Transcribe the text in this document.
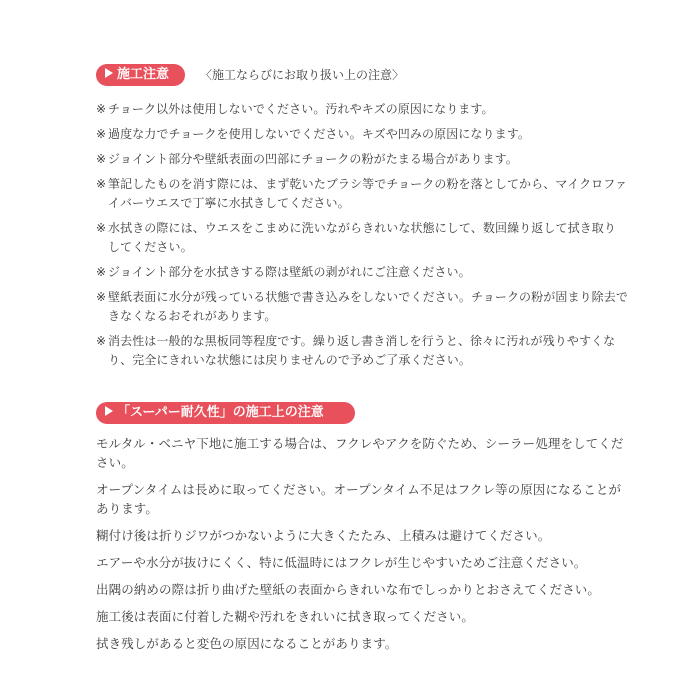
施工注意	〈施工ならびにお取り扱い上の注意〉
※ チョーク以外は使用しないでください。汚れやキズの原因になります。
※ 過度な力でチョークを使用しないでください。キズや凹みの原因になります。
※ ジョイント部分や壁紙表面の凹部にチョークの粉がたまる場合があります。
※ 筆記したものを消す際には、まず乾いたブラシ等でチョークの粉を落としてから、マイクロファイバーウエスで丁寧に水拭きしてください。
※ 水拭きの際には、ウエスをこまめに洗いながらきれいな状態にして、数回繰り返して拭き取りしてください。
※ ジョイント部分を水拭きする際は壁紙の剥がれにご注意ください。
※ 壁紙表面に水分が残っている状態で書き込みをしないでください。チョークの粉が固まり除去できなくなるおそれがあります。
※ 消去性は一般的な黒板同等程度です。繰り返し書き消しを行うと、徐々に汚れが残りやすくなり、完全にきれいな状態には戻りませんので予めご了承ください。
「スーパー耐久性」の施工上の注意
モルタル・ベニヤ下地に施工する場合は、フクレやアクを防ぐため、シーラー処理をしてください。
オープンタイムは長めに取ってください。オープンタイム不足はフクレ等の原因になることがあります。
糊付け後は折りジワがつかないように大きくたたみ、上積みは避けてください。
エアーや水分が抜けにくく、特に低温時にはフクレが生じやすいためご注意ください。
出隅の納めの際は折り曲げた壁紙の表面からきれいな布でしっかりとおさえてください。
施工後は表面に付着した糊や汚れをきれいに拭き取ってください。
拭き残しがあると変色の原因になることがあります。
